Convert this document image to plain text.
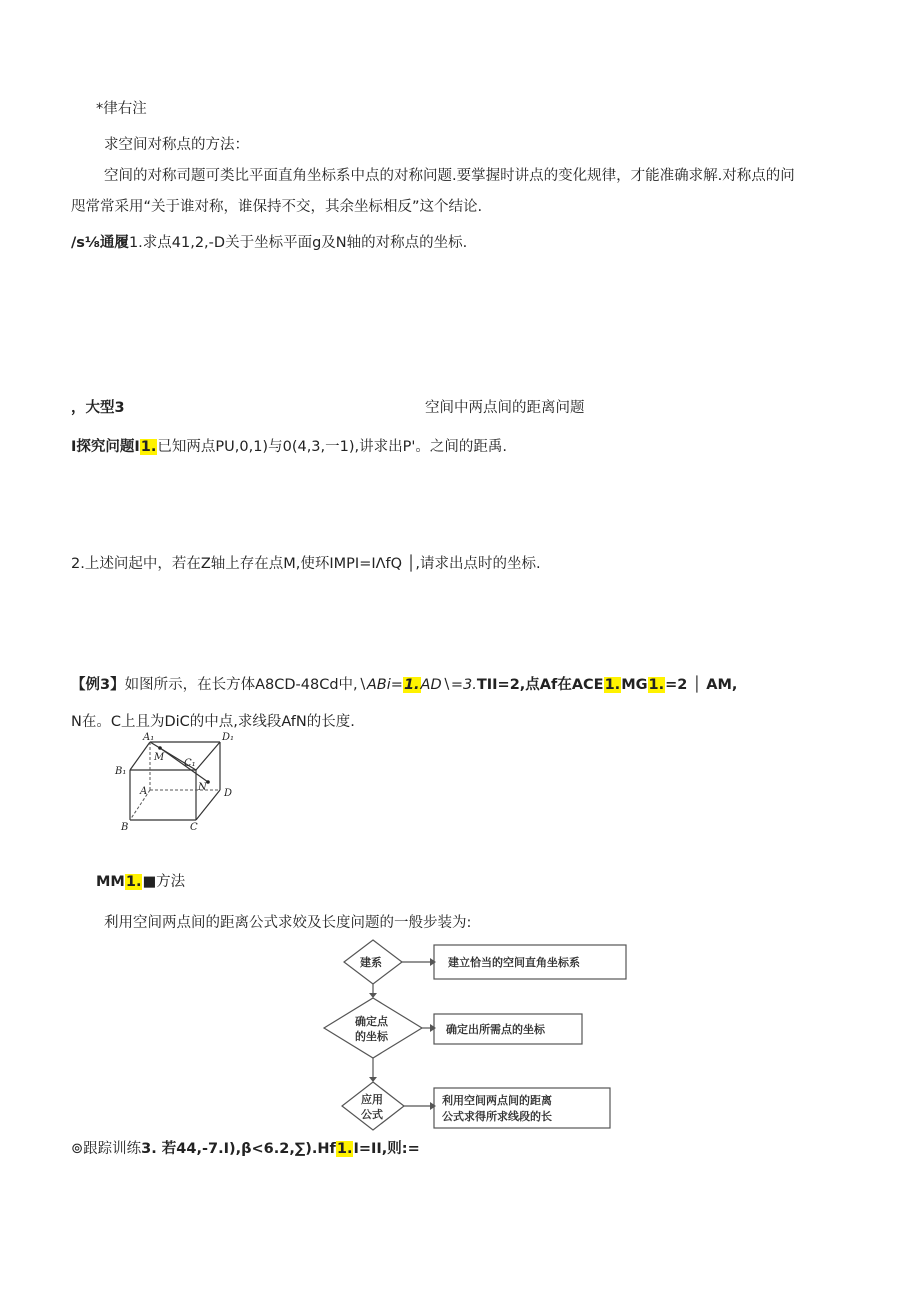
*律右注
求空间对称点的方法：
空间的对称司题可类比平面直角坐标系中点的对称问题.要掌握时讲点的变化规律，才能准确求解.对称点的问
咫常常采用“关于谁对称，谁保持不交，其余坐标相反”这个结论.
/s⅛通履1.求点41,2,-D关于坐标平面g及N轴的对称点的坐标.
，大型3	空间中两点间的距离问题
I探究问题I1.已知两点PU,0,1)与0(4,3,一1),讲求出P'。之间的距禹.
2.上述问起中，若在Z轴上存在点M,使环IMPI=IΛfQ │,请求出点时的坐标.
【例3】如图所示，在长方体A8CD-48Cd中,∖ABi=1.AD∖=3.TII=2,点Af在ACE1.MG1.=2 │ AM,
N在。C上且为DiC的中点,求线段AfN的长度.
A₁	D₁
B₁
C₁
M
N
A	D
B	C
MM1.■方法
利用空间两点间的距离公式求姣及长度问题的一般步装为:
建系	建立恰当的空间直角坐标系
确定点
的坐标
确定出所需点的坐标
应用
公式
利用空间两点间的距离
公式求得所求线段的长
⊚跟踪训练3. 若44,-7.I),β<6.2,∑).Hf1.I=II,则:=
